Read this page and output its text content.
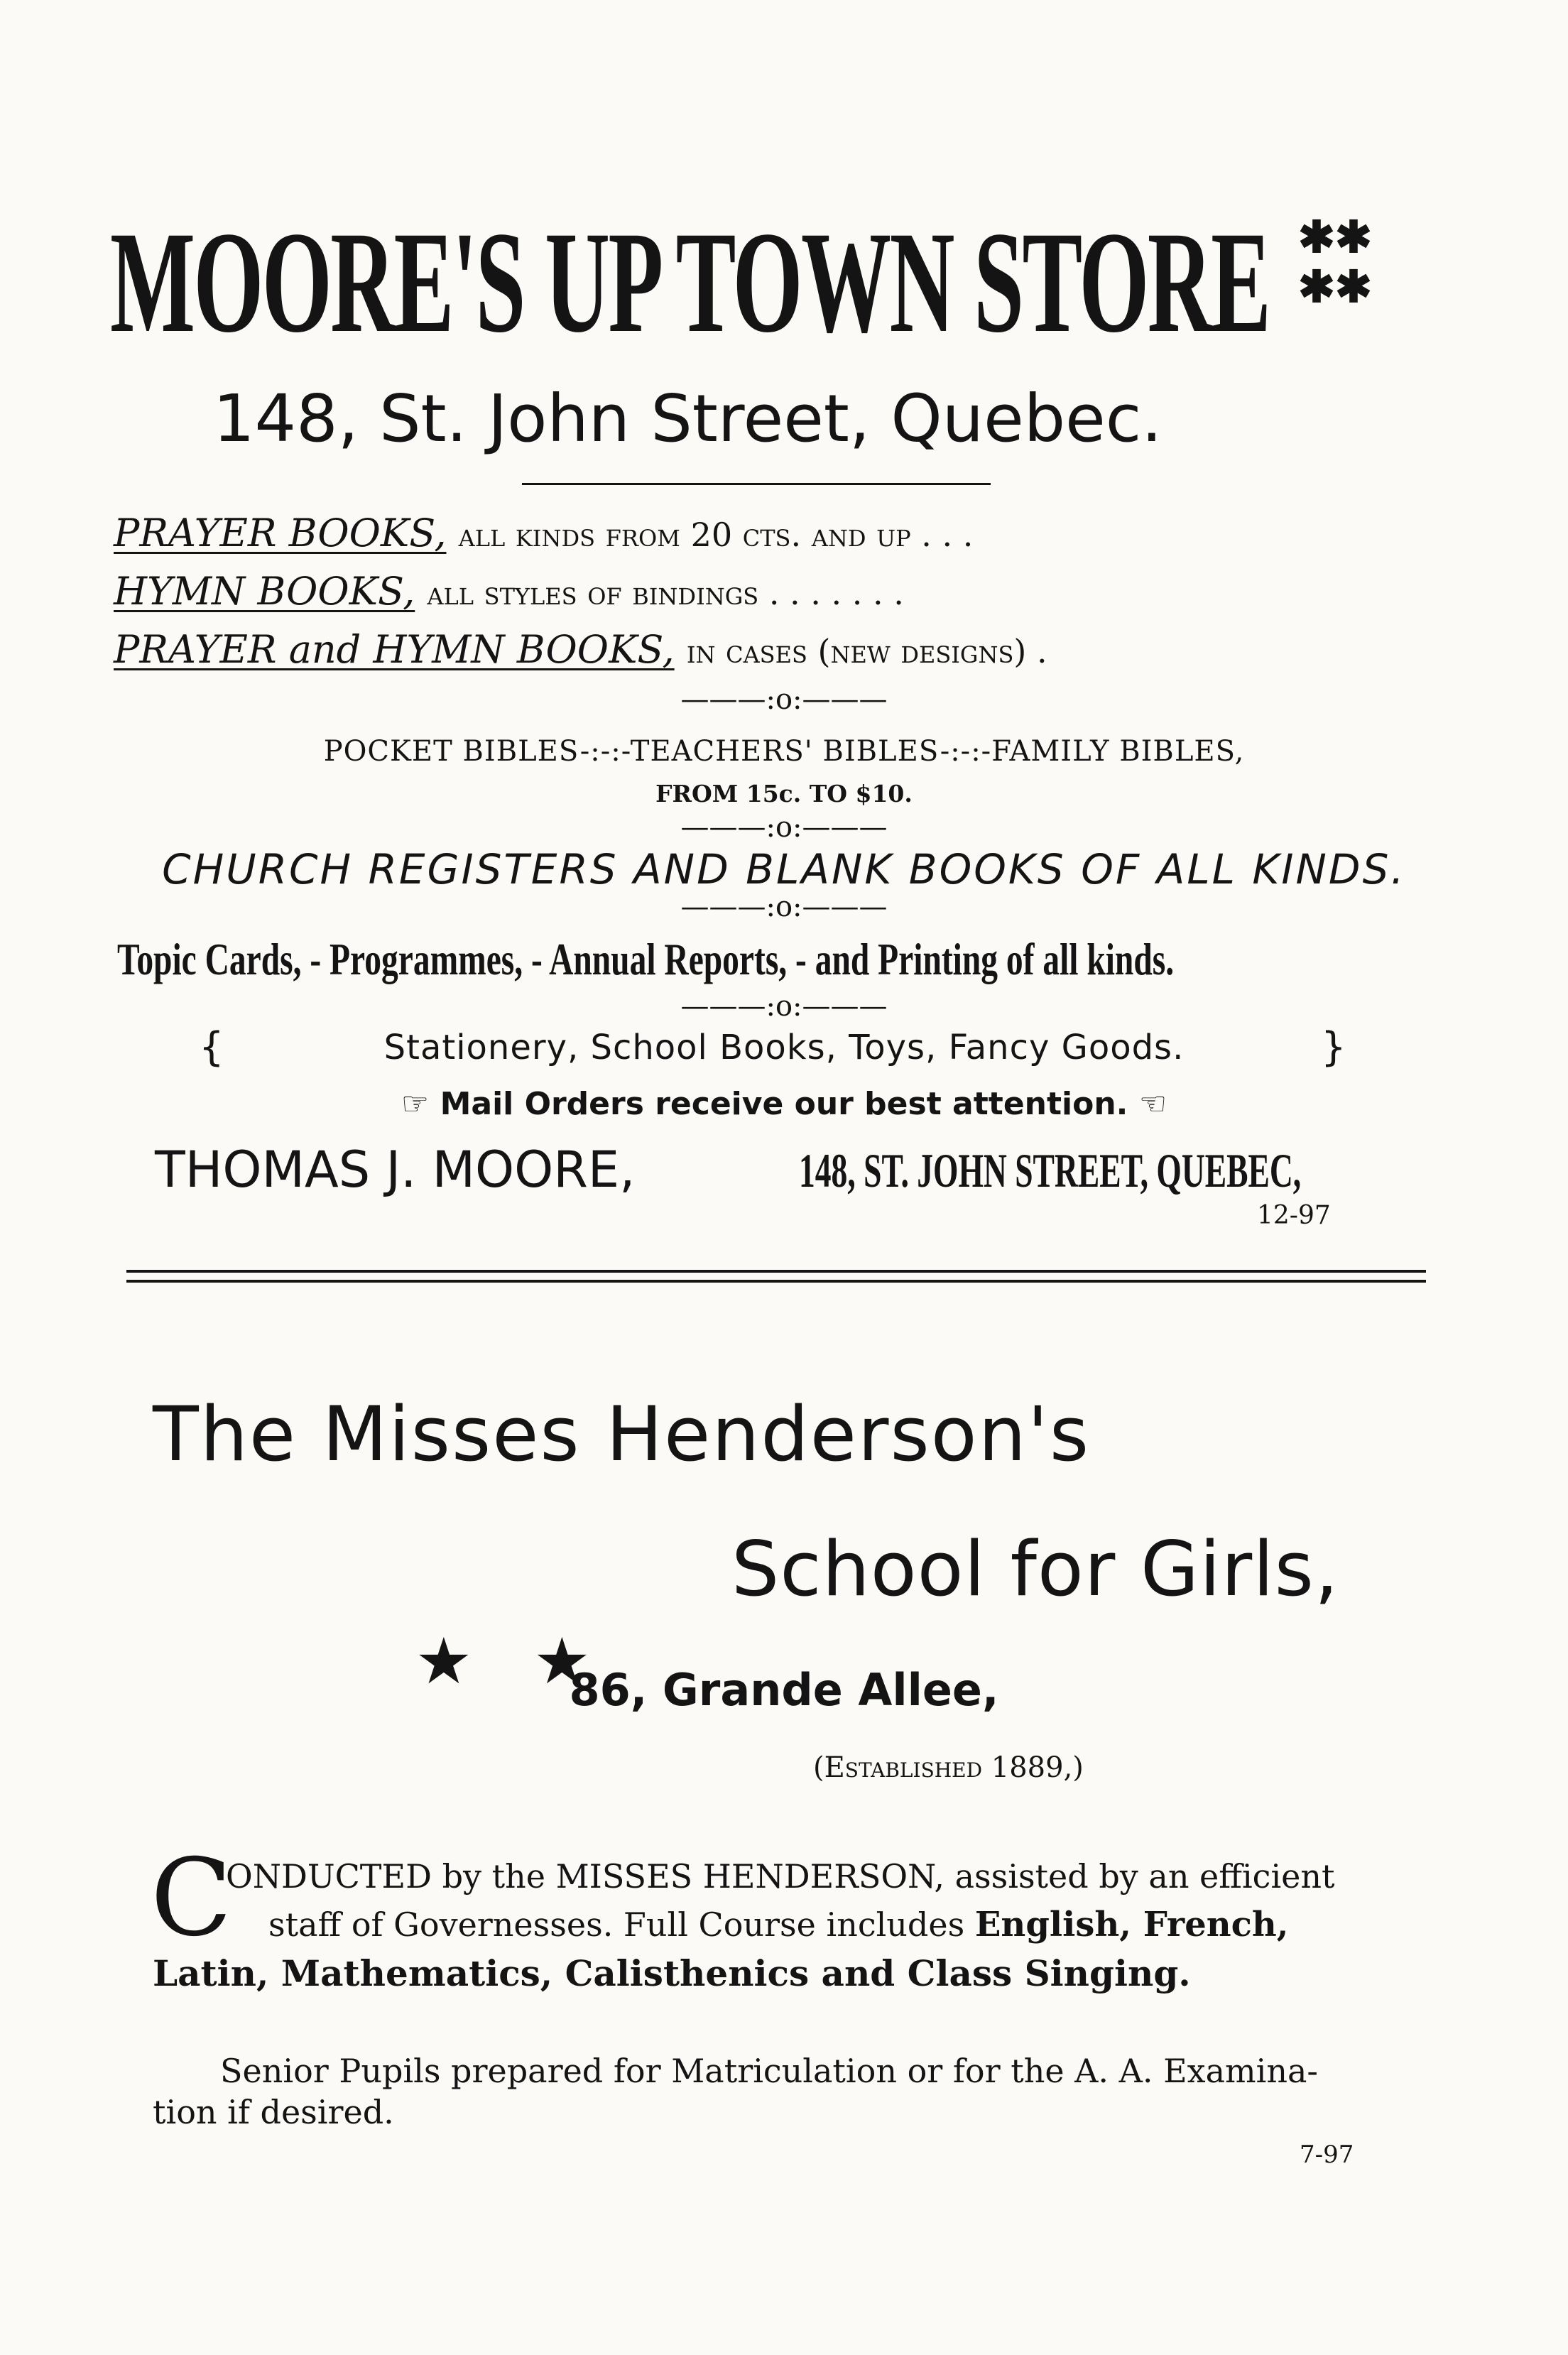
MOORE'S UP TOWN STORE ✱✱ ✱✱
148, St. John Street, Quebec.
PRAYER BOOKS, all kinds from 20 cts. and up . . .
HYMN BOOKS, all styles of bindings . . . . . . .
PRAYER and HYMN BOOKS, in cases (new designs) .
———:o:———
POCKET BIBLES-:-:-TEACHERS' BIBLES-:-:-FAMILY BIBLES,
FROM 15c. TO $10.
———:o:———
CHURCH REGISTERS AND BLANK BOOKS OF ALL KINDS.
———:o:———
Topic Cards, - Programmes, - Annual Reports, - and Printing of all kinds.
———:o:———
{	Stationery, School Books, Toys, Fancy Goods.	}
☞ Mail Orders receive our best attention. ☜
THOMAS J. MOORE,	148, ST. JOHN STREET, QUEBEC,
12-97
The Misses Henderson's

★   ★

School for Girls,
86, Grande Allee,
(Established 1889,)
C
ONDUCTED by the MISSES HENDERSON, assisted by an efficient
staff of Governesses. Full Course includes English, French,
Latin, Mathematics, Calisthenics and Class Singing.
Senior Pupils prepared for Matriculation or for the A. A. Examina-
tion if desired.
7-97
